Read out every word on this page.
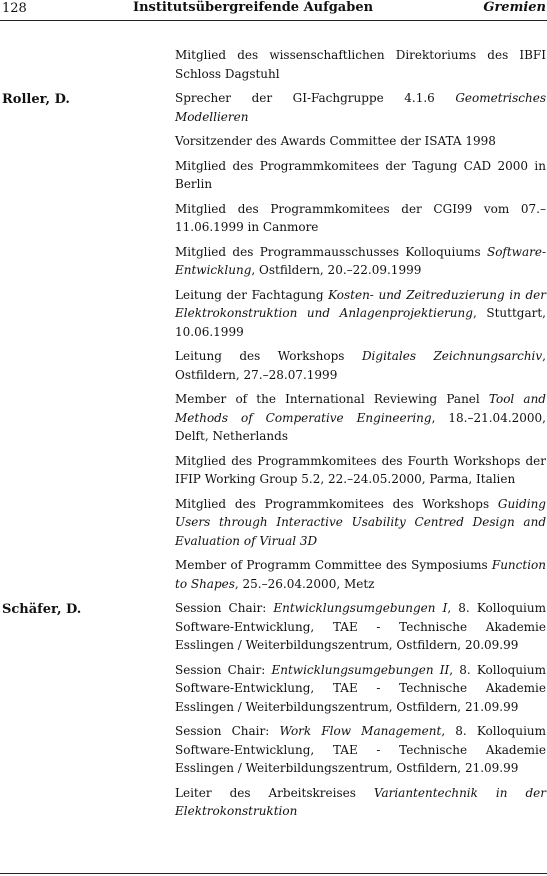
128	Institutsübergreifende Aufgaben	Gremien

Mitglied des wissenschaftlichen Direktoriums des IBFI Schloss Dagstuhl

Roller, D.	Sprecher der GI-Fachgruppe 4.1.6 Geometrisches Modellieren

Vorsitzender des Awards Committee der ISATA 1998

Mitglied des Programmkomitees der Tagung CAD 2000 in Berlin

Mitglied des Programmkomitees der CGI99 vom 07.–11.06.1999 in Canmore

Mitglied des Programmausschusses Kolloquiums Software-Entwicklung, Ostfildern, 20.–22.09.1999

Leitung der Fachtagung Kosten- und Zeitreduzierung in der Elektrokonstruktion und Anlagenprojektierung, Stuttgart, 10.06.1999

Leitung des Workshops Digitales Zeichnungsarchiv, Ostfildern, 27.–28.07.1999

Member of the International Reviewing Panel Tool and Methods of Comperative Engineering, 18.–21.04.2000, Delft, Netherlands

Mitglied des Programmkomitees des Fourth Workshops der IFIP Working Group 5.2, 22.–24.05.2000, Parma, Italien

Mitglied des Programmkomitees des Workshops Guiding Users through Interactive Usability Centred Design and Evaluation of Virual 3D

Member of Programm Committee des Symposiums Function to Shapes, 25.–26.04.2000, Metz

Schäfer, D.	Session Chair: Entwicklungsumgebungen I, 8. Kolloquium Software-Entwicklung, TAE - Technische Akademie Esslingen / Weiterbildungszentrum, Ostfildern, 20.09.99

Session Chair: Entwicklungsumgebungen II, 8. Kolloquium Software-Entwicklung, TAE - Technische Akademie Esslingen / Weiterbildungszentrum, Ostfildern, 21.09.99

Session Chair: Work Flow Management, 8. Kolloquium Software-Entwicklung, TAE - Technische Akademie Esslingen / Weiterbildungszentrum, Ostfildern, 21.09.99

Leiter des Arbeitskreises Variantentechnik in der Elektrokonstruktion
